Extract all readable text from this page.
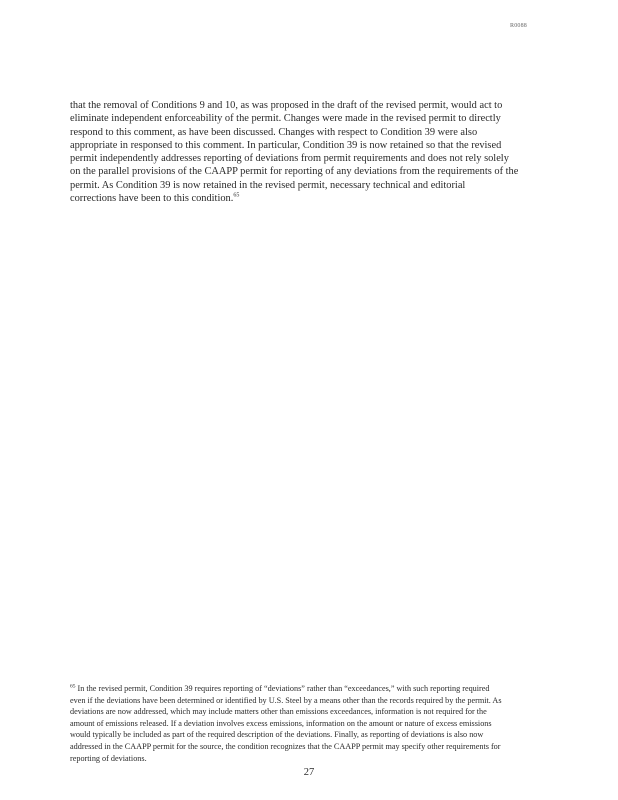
R0088
that the removal of Conditions 9 and 10, as was proposed in the draft of the revised permit, would act to
eliminate independent enforceability of the permit. Changes were made in the revised permit to directly
respond to this comment, as have been discussed. Changes with respect to Condition 39 were also
appropriate in responsed to this comment. In particular, Condition 39 is now retained so that the revised
permit independently addresses reporting of deviations from permit requirements and does not rely solely
on the parallel provisions of the CAAPP permit for reporting of any deviations from the requirements of the
permit. As Condition 39 is now retained in the revised permit, necessary technical and editorial
corrections have been to this condition.$^{65}$
$^{65}$ In the revised permit, Condition 39 requires reporting of “deviations” rather than “exceedances,” with such reporting required
even if the deviations have been determined or identified by U.S. Steel by a means other than the records required by the permit. As
deviations are now addressed, which may include matters other than emissions exceedances, information is not required for the
amount of emissions released. If a deviation involves excess emissions, information on the amount or nature of excess emissions
would typically be included as part of the required description of the deviations. Finally, as reporting of deviations is also now
addressed in the CAAPP permit for the source, the condition recognizes that the CAAPP permit may specify other requirements for
reporting of deviations.
27
